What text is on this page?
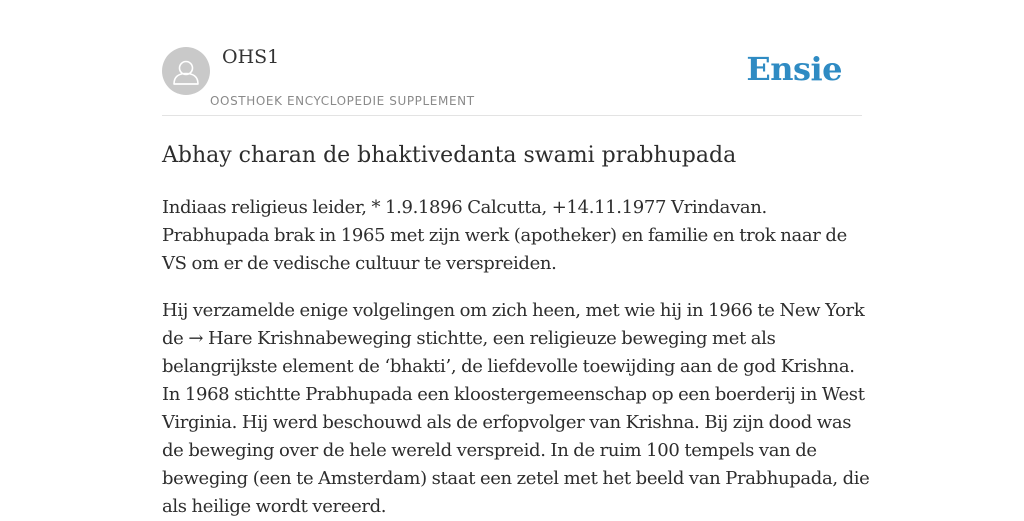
OHS1
OOSTHOEK ENCYCLOPEDIE SUPPLEMENT
Ensie
Abhay charan de bhaktivedanta swami prabhupada

Indiaas religieus leider, * 1.9.1896 Calcutta, +14.11.1977 Vrindavan. Prabhupada brak in 1965 met zijn werk (apotheker) en familie en trok naar de VS om er de vedische cultuur te verspreiden.

Hij verzamelde enige volgelingen om zich heen, met wie hij in 1966 te New York de → Hare Krishnabeweging stichtte, een religieuze beweging met als belangrijkste element de ‘bhakti’, de liefdevolle toewijding aan de god Krishna. In 1968 stichtte Prabhupada een kloostergemeenschap op een boerderij in West Virginia. Hij werd beschouwd als de erfopvolger van Krishna. Bij zijn dood was de beweging over de hele wereld verspreid. In de ruim 100 tempels van de beweging (een te Amsterdam) staat een zetel met het beeld van Prabhupada, die als heilige wordt vereerd.
